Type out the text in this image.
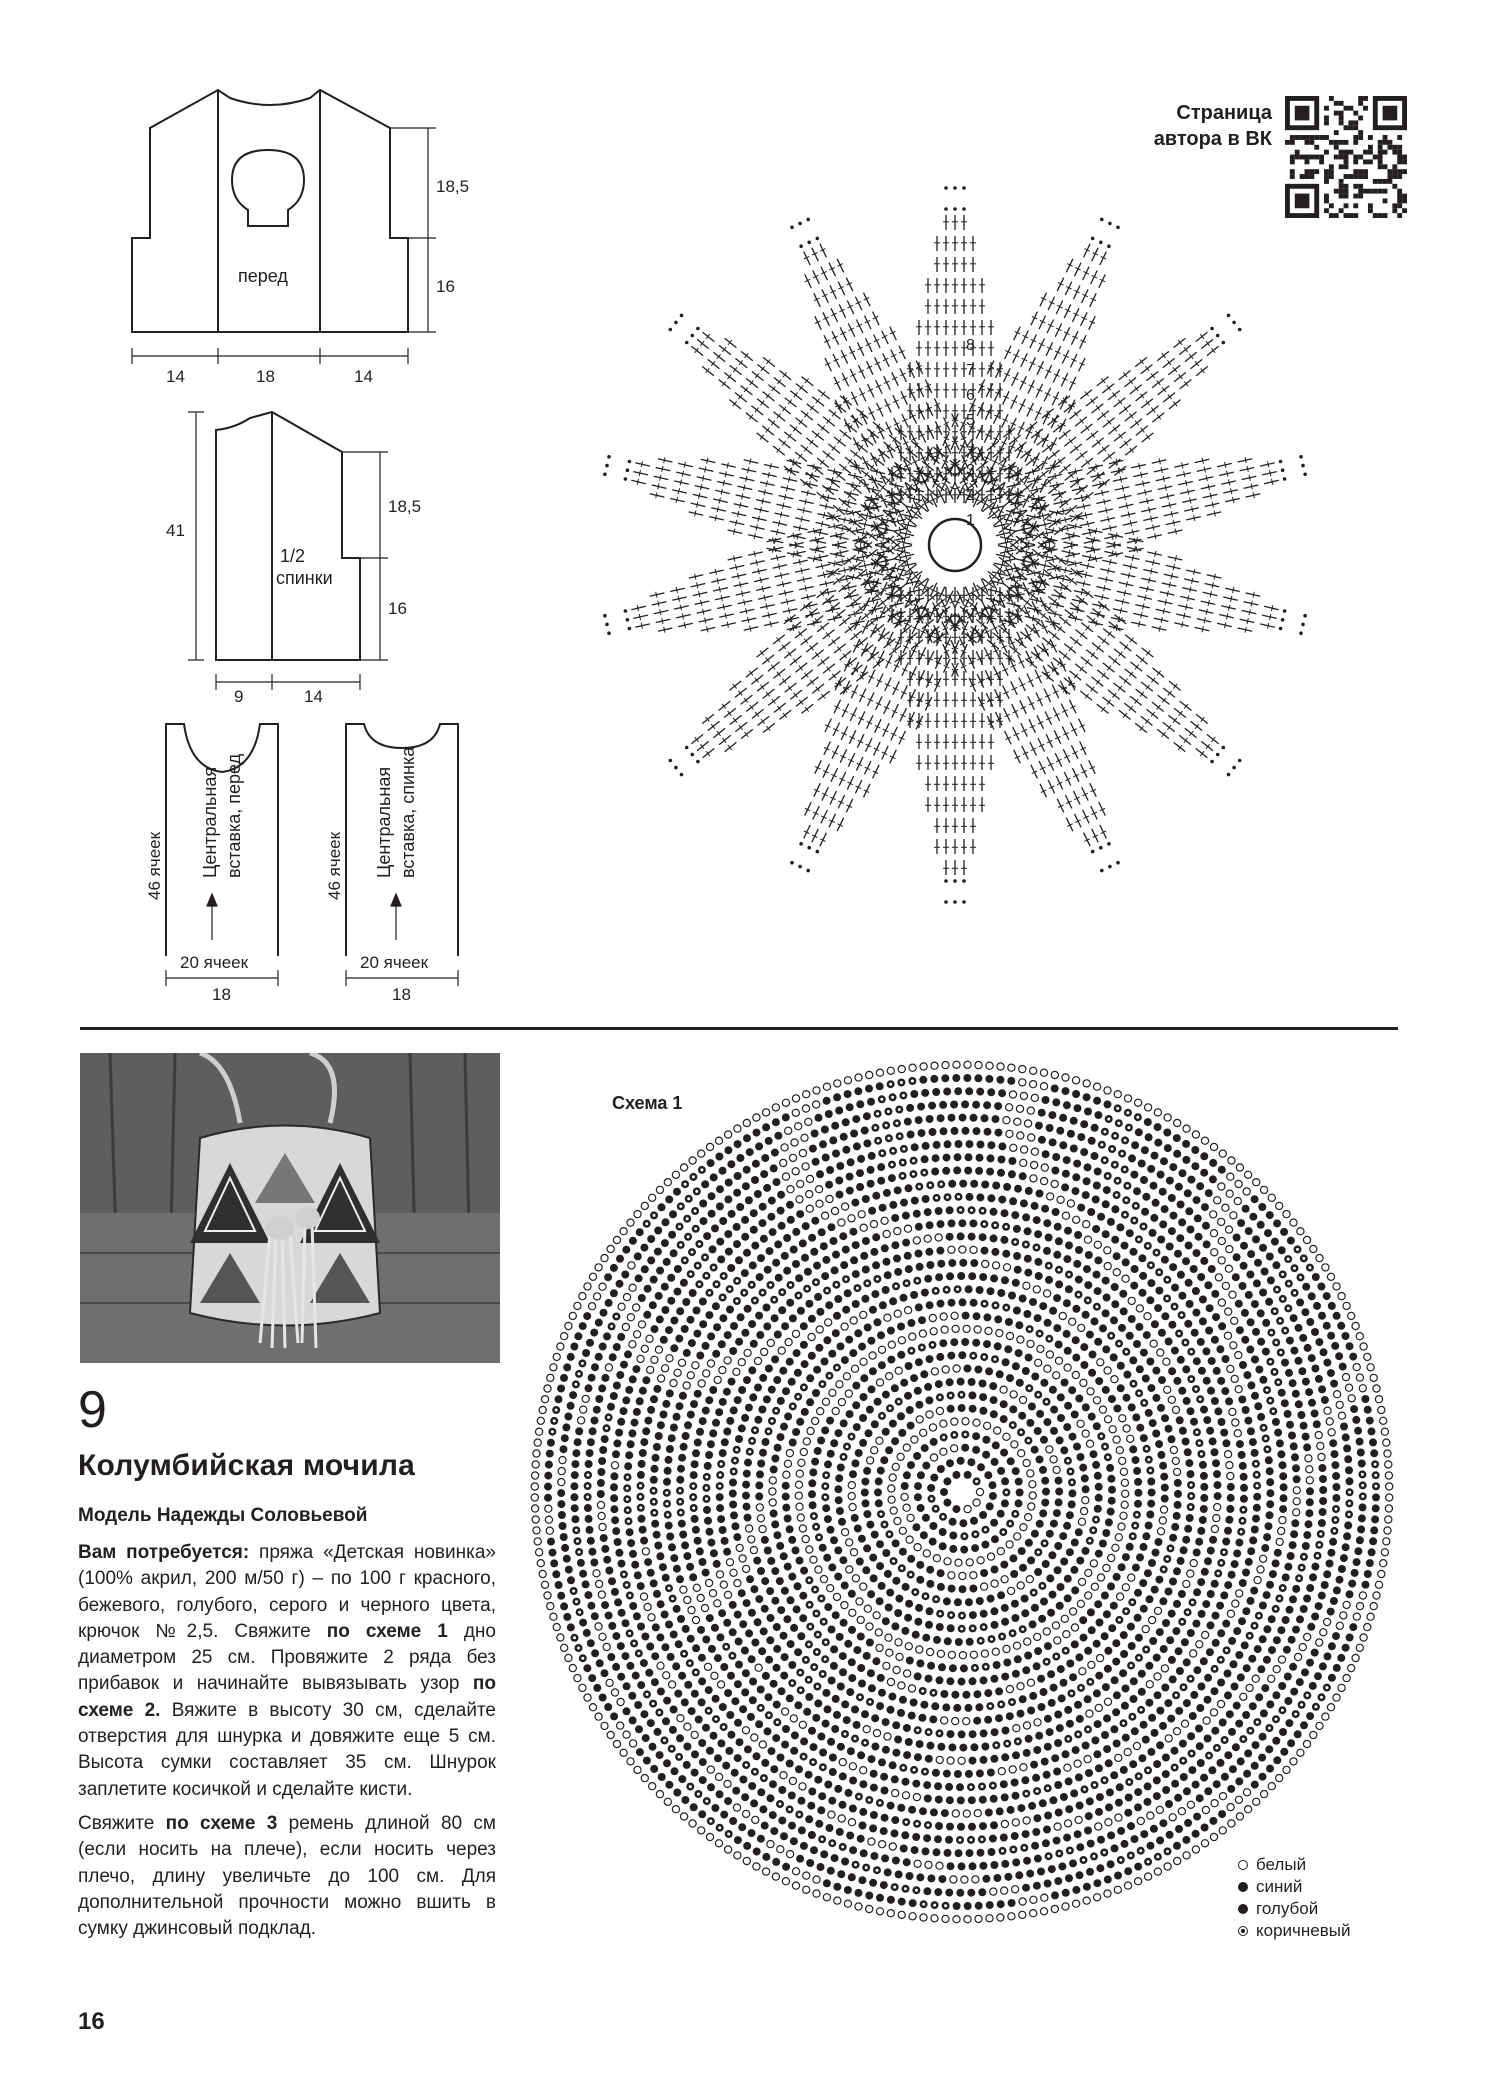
перед
18,5
16
14	18	14
41
18,5
16
9	14
1/2
спинки
20 ячеек
18
46 ячеек Центральная вставка, перед
20 ячеек
18
46 ячеек Центральная вставка, спинка
1
2
3
4
5
6
7
8
Страница
автора в ВК
9
Колумбийская мочила
Модель Надежды Соловьевой

Вам потребуется: пряжа «Детская новинка» (100% акрил, 200 м/50 г) – по 100 г красного, бежевого, голубого, серого и черного цвета, крючок №2,5. Свяжите по схеме 1 дно диаметром 25 см. Провяжите 2 ряда без прибавок и начинайте вывязывать узор по схеме 2. Вяжите в высоту 30 см, сделайте отверстия для шнурка и довяжите еще 5 см. Высота сумки составляет 35 см. Шнурок заплетите косичкой и сделайте кисти.

Свяжите по схеме 3 ремень длиной 80 см (если носить на плече), если носить через плечо, длину увеличьте до 100 см. Для дополнительной прочности можно вшить в сумку джинсовый подклад.

16
Схема 1
белый
синий
голубой
коричневый
